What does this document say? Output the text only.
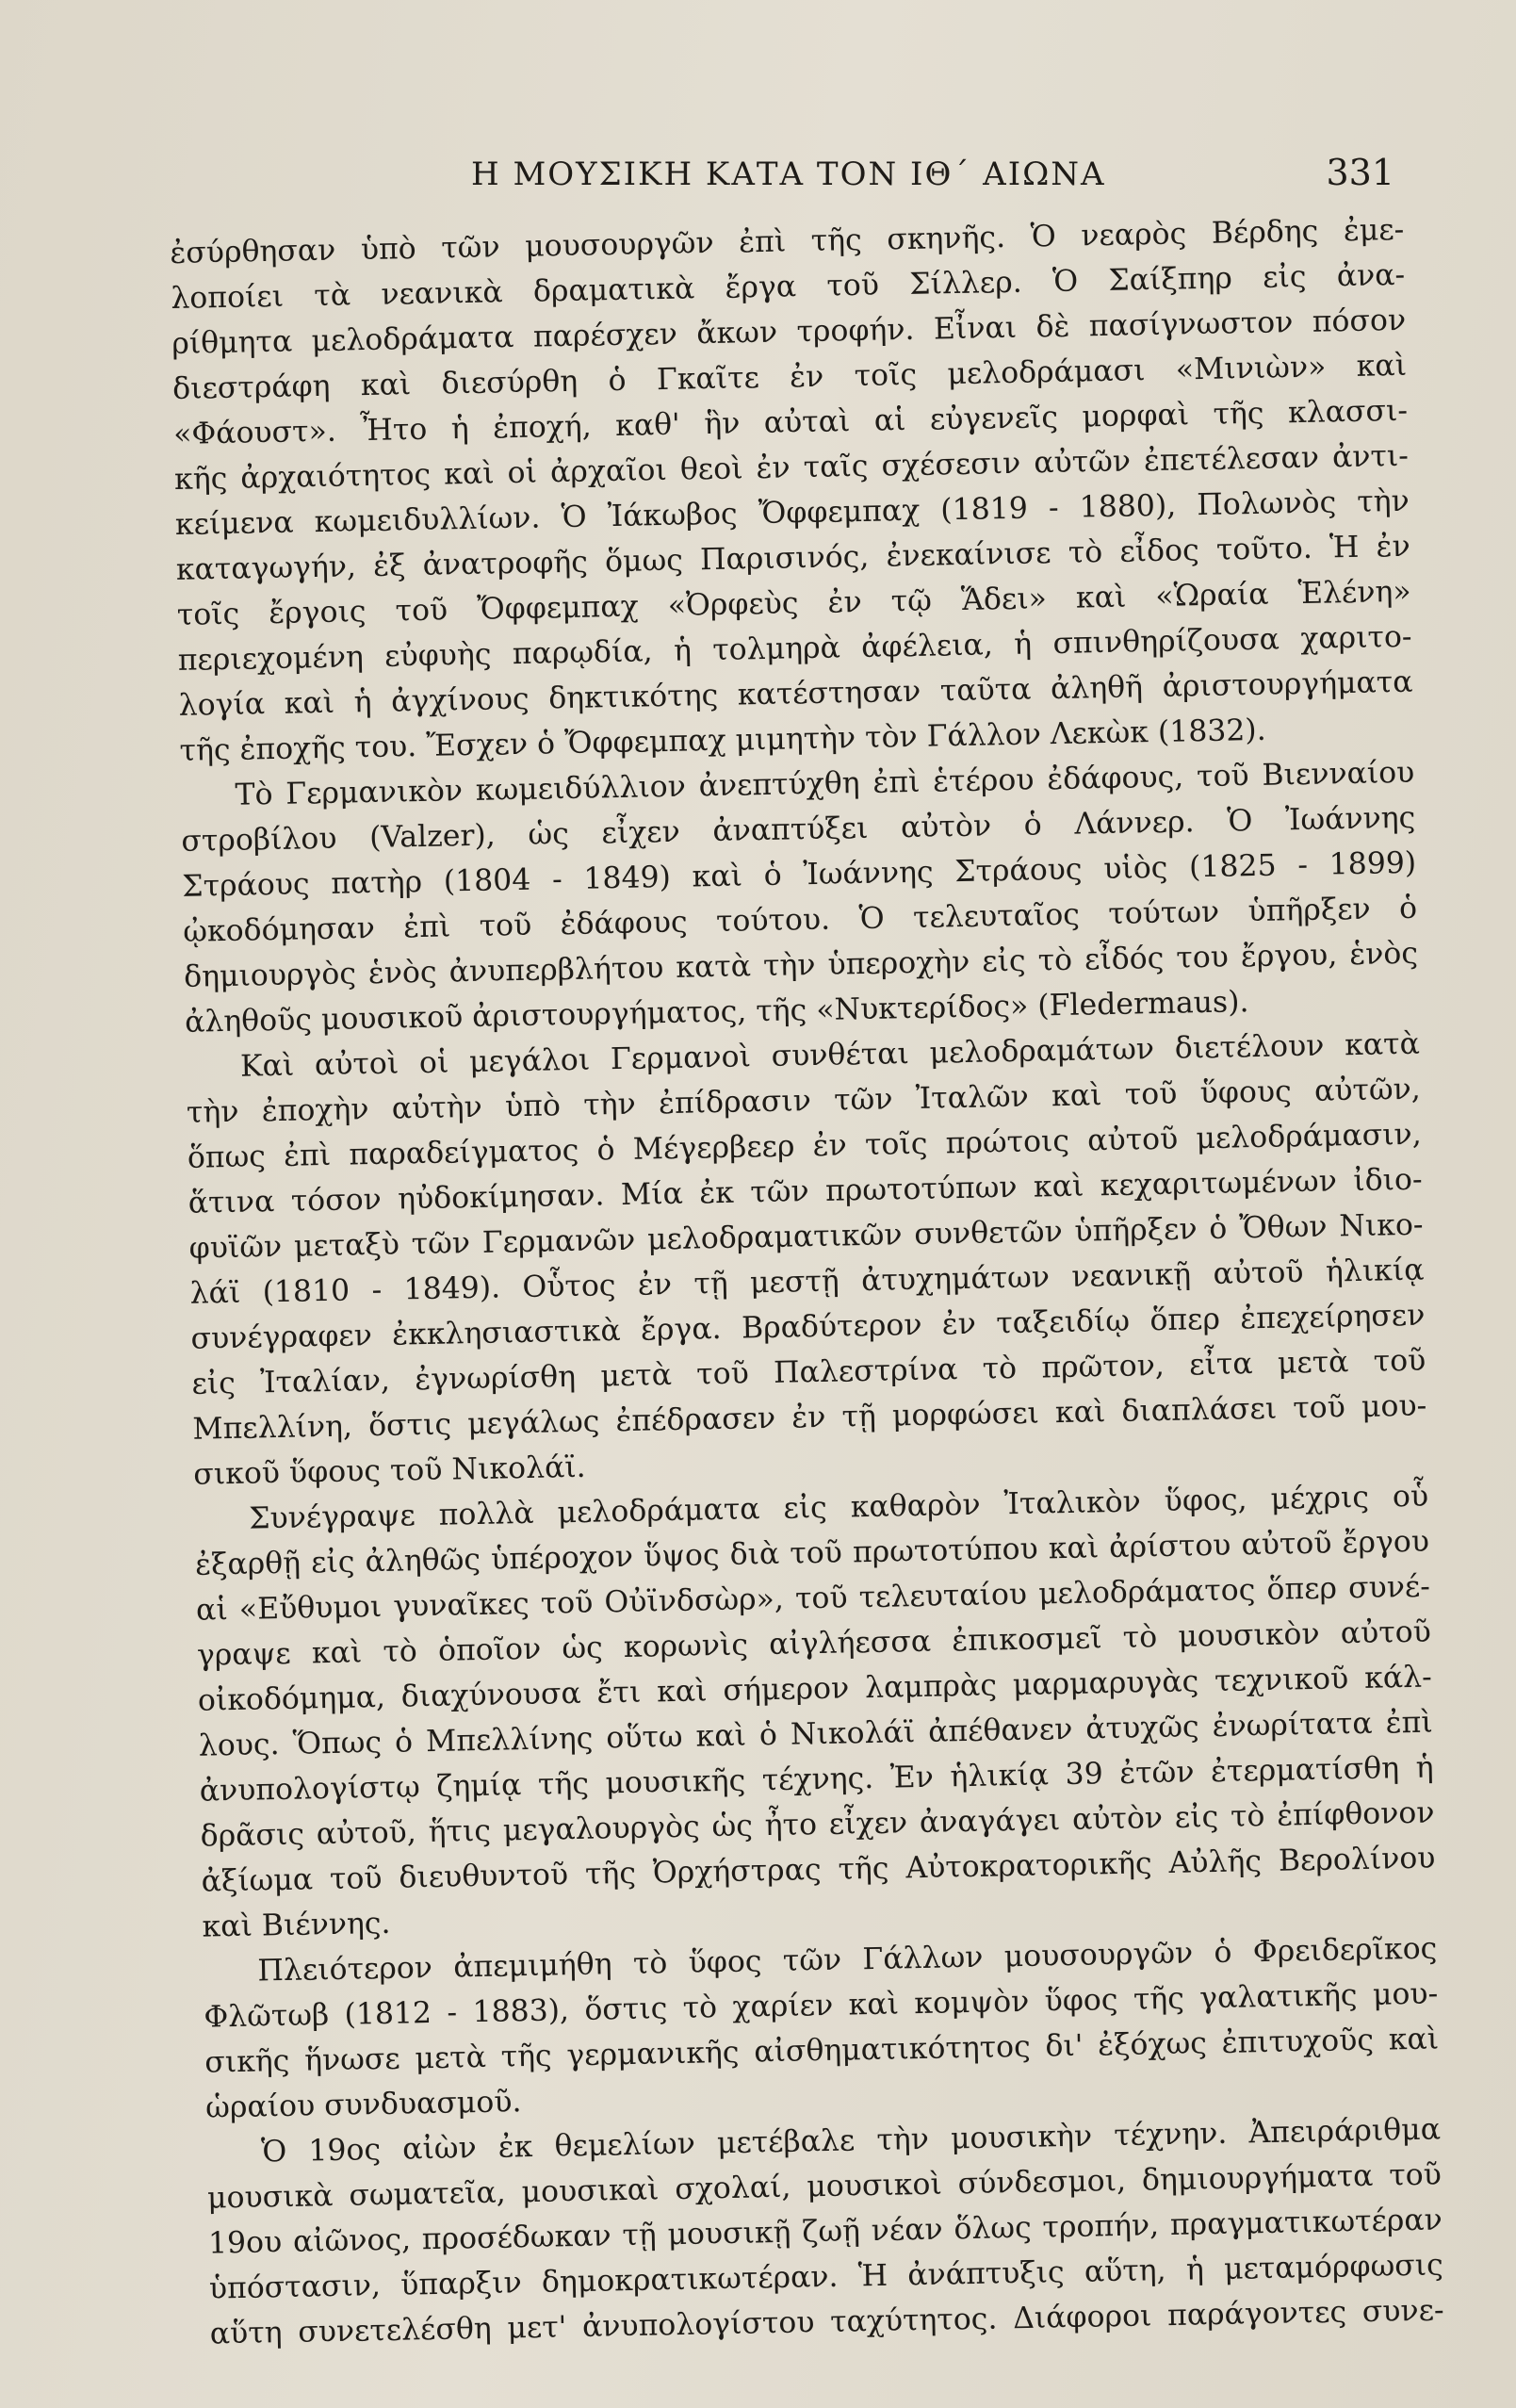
Η ΜΟΥΣΙΚΗ ΚΑΤΑ ΤΟΝ ΙΘ΄ ΑΙΩΝΑ	331
ἐσύρθησαν ὑπὸ τῶν μουσουργῶν ἐπὶ τῆς σκηνῆς. Ὁ νεαρὸς Βέρδης ἐμε-
λοποίει τὰ νεανικὰ δραματικὰ ἔργα τοῦ Σίλλερ. Ὁ Σαίξπηρ εἰς ἀνα-
ρίθμητα μελοδράματα παρέσχεν ἄκων τροφήν. Εἶναι δὲ πασίγνωστον πόσον
διεστράφη καὶ διεσύρθη ὁ Γκαῖτε ἐν τοῖς μελοδράμασι «Μινιὼν» καὶ
«Φάουστ». Ἦτο ἡ ἐποχή, καθ' ἣν αὐταὶ αἱ εὐγενεῖς μορφαὶ τῆς κλασσι-
κῆς ἀρχαιότητος καὶ οἱ ἀρχαῖοι θεοὶ ἐν ταῖς σχέσεσιν αὐτῶν ἐπετέλεσαν ἀντι-
κείμενα κωμειδυλλίων. Ὁ Ἰάκωβος Ὄφφεμπαχ (1819 - 1880), Πολωνὸς τὴν
καταγωγήν, ἐξ ἀνατροφῆς ὅμως Παρισινός, ἐνεκαίνισε τὸ εἶδος τοῦτο. Ἡ ἐν
τοῖς ἔργοις τοῦ Ὄφφεμπαχ «Ὀρφεὺς ἐν τῷ Ἅδει» καὶ «Ὡραία Ἑλένη»
περιεχομένη εὐφυὴς παρῳδία, ἡ τολμηρὰ ἀφέλεια, ἡ σπινθηρίζουσα χαριτο-
λογία καὶ ἡ ἀγχίνους δηκτικότης κατέστησαν ταῦτα ἀληθῆ ἀριστουργήματα
τῆς ἐποχῆς του. Ἔσχεν ὁ Ὄφφεμπαχ μιμητὴν τὸν Γάλλον Λεκὼκ (1832).
Τὸ Γερμανικὸν κωμειδύλλιον ἀνεπτύχθη ἐπὶ ἑτέρου ἐδάφους, τοῦ Βιενναίου
στροβίλου (Valzer), ὡς εἶχεν ἀναπτύξει αὐτὸν ὁ Λάννερ. Ὁ Ἰωάννης
Στράους πατὴρ (1804 - 1849) καὶ ὁ Ἰωάννης Στράους υἱὸς (1825 - 1899)
ᾠκοδόμησαν ἐπὶ τοῦ ἐδάφους τούτου. Ὁ τελευταῖος τούτων ὑπῆρξεν ὁ
δημιουργὸς ἑνὸς ἀνυπερβλήτου κατὰ τὴν ὑπεροχὴν εἰς τὸ εἶδός του ἔργου, ἑνὸς
ἀληθοῦς μουσικοῦ ἀριστουργήματος, τῆς «Νυκτερίδος» (Fledermaus).
Καὶ αὐτοὶ οἱ μεγάλοι Γερμανοὶ συνθέται μελοδραμάτων διετέλουν κατὰ
τὴν ἐποχὴν αὐτὴν ὑπὸ τὴν ἐπίδρασιν τῶν Ἰταλῶν καὶ τοῦ ὕφους αὐτῶν,
ὅπως ἐπὶ παραδείγματος ὁ Μέγερβεερ ἐν τοῖς πρώτοις αὐτοῦ μελοδράμασιν,
ἅτινα τόσον ηὐδοκίμησαν. Μία ἐκ τῶν πρωτοτύπων καὶ κεχαριτωμένων ἰδιο-
φυϊῶν μεταξὺ τῶν Γερμανῶν μελοδραματικῶν συνθετῶν ὑπῆρξεν ὁ Ὄθων Νικο-
λάϊ (1810 - 1849). Οὗτος ἐν τῇ μεστῇ ἀτυχημάτων νεανικῇ αὐτοῦ ἡλικίᾳ
συνέγραφεν ἐκκλησιαστικὰ ἔργα. Βραδύτερον ἐν ταξειδίῳ ὅπερ ἐπεχείρησεν
εἰς Ἰταλίαν, ἐγνωρίσθη μετὰ τοῦ Παλεστρίνα τὸ πρῶτον, εἶτα μετὰ τοῦ
Μπελλίνη, ὅστις μεγάλως ἐπέδρασεν ἐν τῇ μορφώσει καὶ διαπλάσει τοῦ μου-
σικοῦ ὕφους τοῦ Νικολάϊ.
Συνέγραψε πολλὰ μελοδράματα εἰς καθαρὸν Ἰταλικὸν ὕφος, μέχρις οὗ
ἐξαρθῇ εἰς ἀληθῶς ὑπέροχον ὕψος διὰ τοῦ πρωτοτύπου καὶ ἀρίστου αὐτοῦ ἔργου
αἱ «Εὔθυμοι γυναῖκες τοῦ Οὐϊνδσὼρ», τοῦ τελευταίου μελοδράματος ὅπερ συνέ-
γραψε καὶ τὸ ὁποῖον ὡς κορωνὶς αἰγλήεσσα ἐπικοσμεῖ τὸ μουσικὸν αὐτοῦ
οἰκοδόμημα, διαχύνουσα ἔτι καὶ σήμερον λαμπρὰς μαρμαρυγὰς τεχνικοῦ κάλ-
λους. Ὅπως ὁ Μπελλίνης οὕτω καὶ ὁ Νικολάϊ ἀπέθανεν ἀτυχῶς ἐνωρίτατα ἐπὶ
ἀνυπολογίστῳ ζημίᾳ τῆς μουσικῆς τέχνης. Ἐν ἡλικίᾳ 39 ἐτῶν ἐτερματίσθη ἡ
δρᾶσις αὐτοῦ, ἥτις μεγαλουργὸς ὡς ἦτο εἶχεν ἀναγάγει αὐτὸν εἰς τὸ ἐπίφθονον
ἀξίωμα τοῦ διευθυντοῦ τῆς Ὀρχήστρας τῆς Αὐτοκρατορικῆς Αὐλῆς Βερολίνου
καὶ Βιέννης.
Πλειότερον ἀπεμιμήθη τὸ ὕφος τῶν Γάλλων μουσουργῶν ὁ Φρειδερῖκος
Φλῶτωβ (1812 - 1883), ὅστις τὸ χαρίεν καὶ κομψὸν ὕφος τῆς γαλατικῆς μου-
σικῆς ἥνωσε μετὰ τῆς γερμανικῆς αἰσθηματικότητος δι' ἐξόχως ἐπιτυχοῦς καὶ
ὡραίου συνδυασμοῦ.
Ὁ 19ος αἰὼν ἐκ θεμελίων μετέβαλε τὴν μουσικὴν τέχνην. Ἀπειράριθμα
μουσικὰ σωματεῖα, μουσικαὶ σχολαί, μουσικοὶ σύνδεσμοι, δημιουργήματα τοῦ
19ου αἰῶνος, προσέδωκαν τῇ μουσικῇ ζωῇ νέαν ὅλως τροπήν, πραγματικωτέραν
ὑπόστασιν, ὕπαρξιν δημοκρατικωτέραν. Ἡ ἀνάπτυξις αὕτη, ἡ μεταμόρφωσις
αὕτη συνετελέσθη μετ' ἀνυπολογίστου ταχύτητος. Διάφοροι παράγοντες συνε-
